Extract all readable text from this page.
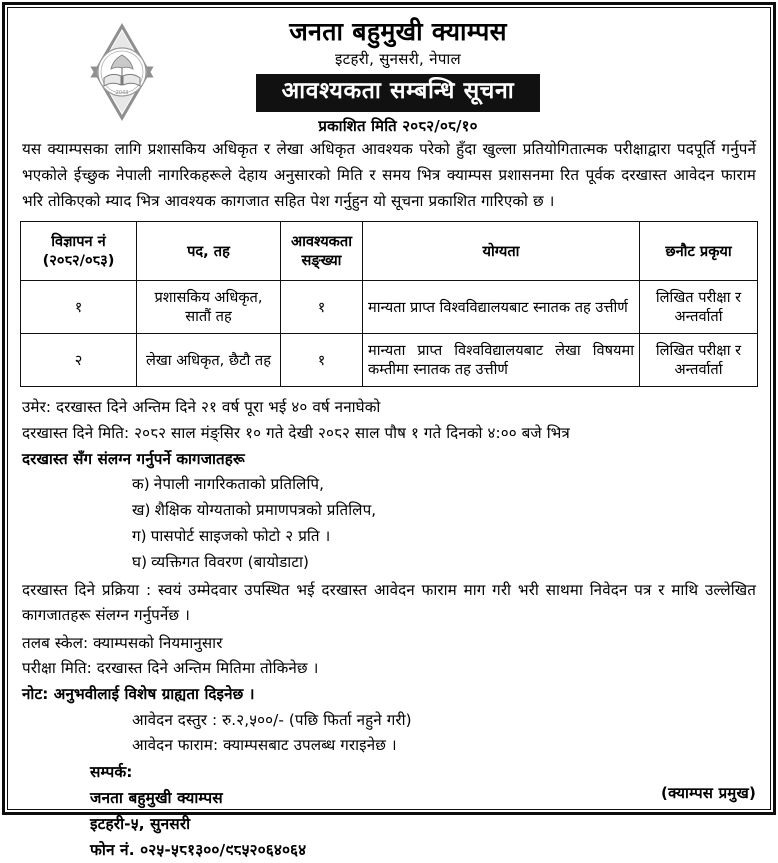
2043
जनता बहुमुखी क्याम्पस
इटहरी, सुनसरी, नेपाल
आवश्यकता सम्बन्धि सूचना
प्रकाशित मिति २०८२/०८/१०
यस क्याम्पसका लागि प्रशासकिय अधिकृत र लेखा अधिकृत आवश्यक परेको हुँदा खुल्ला प्रतियोगितात्मक परीक्षाद्वारा पदपूर्ति गर्नुपर्ने भएकोले ईच्छुक नेपाली नागरिकहरूले देहाय अनुसारको मिति र समय भित्र क्याम्पस प्रशासनमा रित पूर्वक दरखास्त आवेदन फाराम भरि तोकिएको म्याद भित्र आवश्यक कागजात सहित पेश गर्नुहुन यो सूचना प्रकाशित गारिएको छ ।
विज्ञापन नं (२०८२/०८३)	पद, तह	आवश्यकता सङ्ख्या	योग्यता	छनौट प्रकृया
१	प्रशासकिय अधिकृत, सातौं तह	१	मान्यता प्राप्त विश्वविद्यालयबाट स्नातक तह उत्तीर्ण	लिखित परीक्षा र अन्तर्वार्ता
२	लेखा अधिकृत, छैटौ तह	१	मान्यता प्राप्त विश्वविद्यालयबाट लेखा विषयमा कम्तीमा स्नातक तह उत्तीर्ण	लिखित परीक्षा र अन्तर्वार्ता
उमेर: दरखास्त दिने अन्तिम दिने २१ वर्ष पूरा भई ४० वर्ष ननाघेको
दरखास्त दिने मिति: २०८२ साल मंङ्सिर १० गते देखी २०८२ साल पौष १ गते दिनको ४:०० बजे भित्र
दरखास्त सँग संलग्न गर्नुपर्ने कागजातहरू
क) नेपाली नागरिकताको प्रतिलिपि,
ख) शैक्षिक योग्यताको प्रमाणपत्रको प्रतिलिप,
ग) पासपोर्ट साइजको फोटो २ प्रति ।
घ) व्यक्तिगत विवरण (बायोडाटा)
दरखास्त दिने प्रक्रिया : स्वयं उम्मेदवार उपस्थित भई दरखास्त आवेदन फाराम माग गरी भरी साथमा निवेदन पत्र र माथि उल्लेखित कागजातहरू संलग्न गर्नुपर्नेछ ।
तलब स्केल: क्याम्पसको नियमानुसार
परीक्षा मिति: दरखास्त दिने अन्तिम मितिमा तोकिनेछ ।
नोट: अनुभवीलाई विशेष ग्राह्यता दिइनेछ ।
आवेदन दस्तुर : रु.२,५००/- (पछि फिर्ता नहुने गरी)
आवेदन फाराम: क्याम्पसबाट उपलब्ध गराइनेछ ।
सम्पर्क:
जनता बहुमुखी क्याम्पस
इटहरी-५, सुनसरी
फोन नं. ०२५-५८१३००/९८५२०६४०६४
(क्याम्पस प्रमुख)
